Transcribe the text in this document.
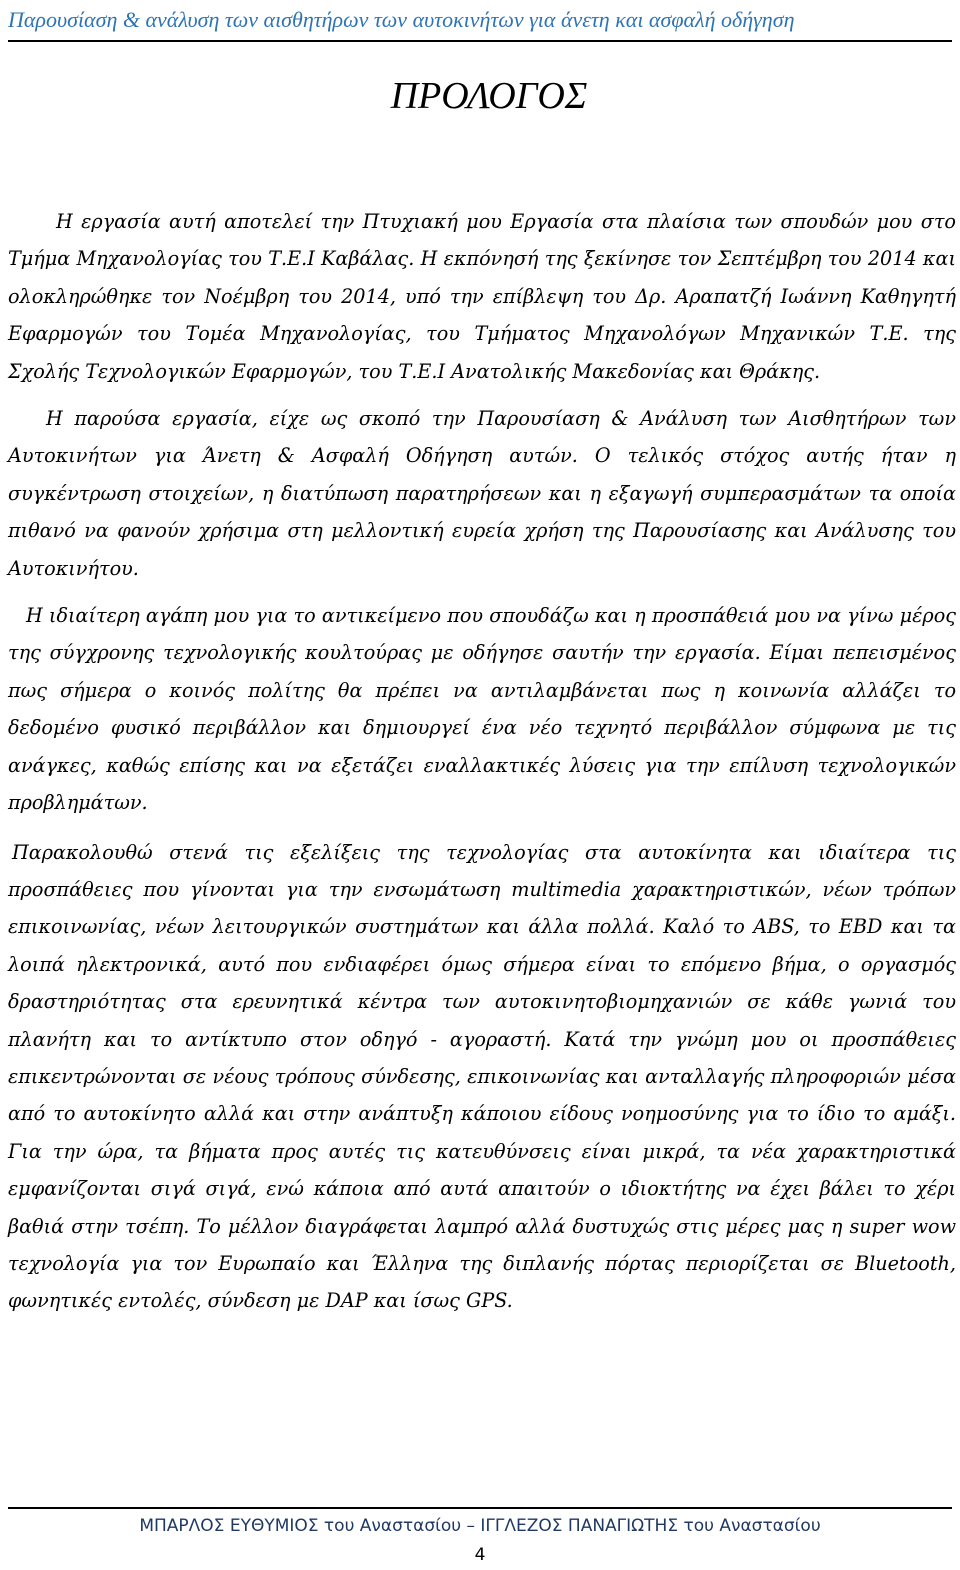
Παρουσίαση & ανάλυση των αισθητήρων των αυτοκινήτων για άνετη και ασφαλή οδήγηση
ΠΡΟΛΟΓΟΣ

Η εργασία αυτή αποτελεί την Πτυχιακή μου Εργασία στα πλαίσια των σπουδών μου στο Τμήμα Μηχανολογίας του Τ.Ε.Ι Καβάλας. Η εκπόνησή της ξεκίνησε τον Σεπτέμβρη του 2014 και ολοκληρώθηκε τον Νοέμβρη του 2014, υπό την επίβλεψη του Δρ. Αραπατζή Ιωάννη Καθηγητή Εφαρμογών του Τομέα Μηχανολογίας, του Τμήματος Μηχανολόγων Μηχανικών Τ.Ε. της Σχολής Τεχνολογικών Εφαρμογών, του Τ.Ε.Ι Ανατολικής Μακεδονίας και Θράκης.

Η παρούσα εργασία, είχε ως σκοπό την Παρουσίαση & Ανάλυση των Αισθητήρων των Αυτοκινήτων για Άνετη & Ασφαλή Οδήγηση αυτών. Ο τελικός στόχος αυτής ήταν η συγκέντρωση στοιχείων, η διατύπωση παρατηρήσεων και η εξαγωγή συμπερασμάτων τα οποία πιθανό να φανούν χρήσιμα στη μελλοντική ευρεία χρήση της Παρουσίασης και Ανάλυσης του Αυτοκινήτου.

Η ιδιαίτερη αγάπη μου για το αντικείμενο που σπουδάζω και η προσπάθειά μου να γίνω μέρος της σύγχρονης τεχνολογικής κουλτούρας με οδήγησε σαυτήν την εργασία. Είμαι πεπεισμένος πως σήμερα ο κοινός πολίτης θα πρέπει να αντιλαμβάνεται πως η κοινωνία αλλάζει το δεδομένο φυσικό περιβάλλον και δημιουργεί ένα νέο τεχνητό περιβάλλον σύμφωνα με τις ανάγκες, καθώς επίσης και να εξετάζει εναλλακτικές λύσεις για την επίλυση τεχνολογικών προβλημάτων.

Παρακολουθώ στενά τις εξελίξεις της τεχνολογίας στα αυτοκίνητα και ιδιαίτερα τις προσπάθειες που γίνονται για την ενσωμάτωση multimedia χαρακτηριστικών, νέων τρόπων επικοινωνίας, νέων λειτουργικών συστημάτων και άλλα πολλά. Καλό το ABS, το EBD και τα λοιπά ηλεκτρονικά, αυτό που ενδιαφέρει όμως σήμερα είναι το επόμενο βήμα, ο οργασμός δραστηριότητας στα ερευνητικά κέντρα των αυτοκινητοβιομηχανιών σε κάθε γωνιά του πλανήτη και το αντίκτυπο στον οδηγό - αγοραστή. Κατά την γνώμη μου οι προσπάθειες επικεντρώνονται σε νέους τρόπους σύνδεσης, επικοινωνίας και ανταλλαγής πληροφοριών μέσα από το αυτοκίνητο αλλά και στην ανάπτυξη κάποιου είδους νοημοσύνης για το ίδιο το αμάξι. Για την ώρα, τα βήματα προς αυτές τις κατευθύνσεις είναι μικρά, τα νέα χαρακτηριστικά εμφανίζονται σιγά σιγά, ενώ κάποια από αυτά απαιτούν ο ιδιοκτήτης να έχει βάλει το χέρι βαθιά στην τσέπη. Το μέλλον διαγράφεται λαμπρό αλλά δυστυχώς στις μέρες μας η super wow τεχνολογία για τον Ευρωπαίο και Έλληνα της διπλανής πόρτας περιορίζεται σε Bluetooth, φωνητικές εντολές, σύνδεση με DAP και ίσως GPS.

ΜΠΑΡΛΟΣ ΕΥΘΥΜΙΟΣ του Αναστασίου – ΙΓΓΛΕΖΟΣ ΠΑΝΑΓΙΩΤΗΣ του Αναστασίου
4
